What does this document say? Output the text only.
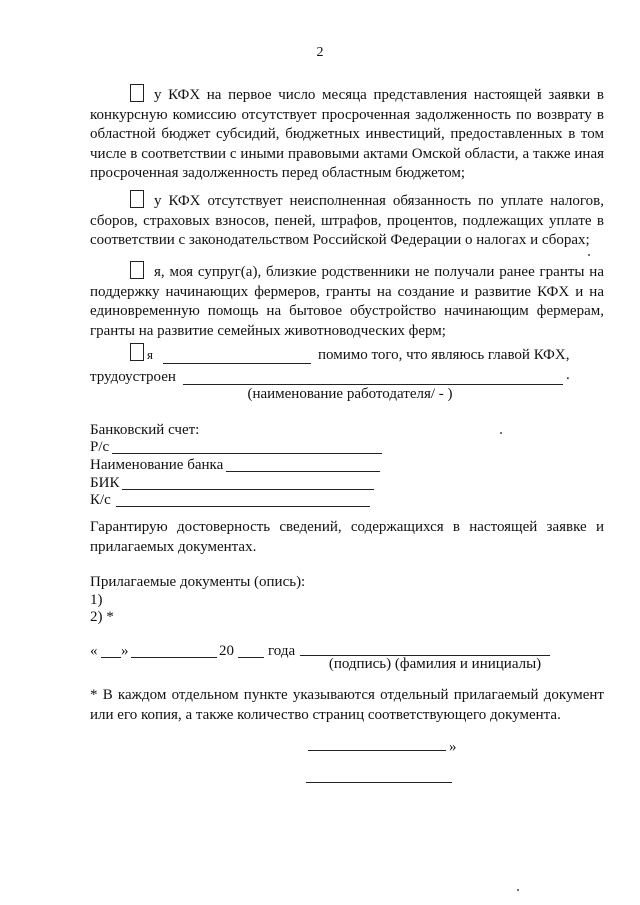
2
у КФХ на первое число месяца представления настоящей заявки в конкурсную комиссию отсутствует просроченная задолженность по возврату в областной бюджет субсидий, бюджетных инвестиций, предоставленных в том числе в соответствии с иными правовыми актами Омской области, а также иная просроченная задолженность перед областным бюджетом;
у КФХ отсутствует неисполненная обязанность по уплате налогов, сборов, страховых взносов, пеней, штрафов, процентов, подлежащих уплате в соответствии с законодательством Российской Федерации о налогах и сборах;
я, моя супруг(а), близкие родственники не получали ранее гранты на поддержку начинающих фермеров, гранты на создание и развитие КФХ и на единовременную помощь на бытовое обустройство начинающим фермерам, гранты на развитие семейных животноводческих ферм;
я	помимо того, что являюсь главой КФХ,
трудоустроен	.
(наименование работодателя/ - )
Банковский счет:
Р/с
Наименование банка
БИК
К/с
Гарантирую достоверность сведений, содержащихся в настоящей заявке и прилагаемых документах.
Прилагаемые документы (опись):
1)
2) *
« »	20 года
(подпись) (фамилия и инициалы)
* В каждом отдельном пункте указываются отдельный прилагаемый документ или его копия, а также количество страниц соответствующего документа.
»
